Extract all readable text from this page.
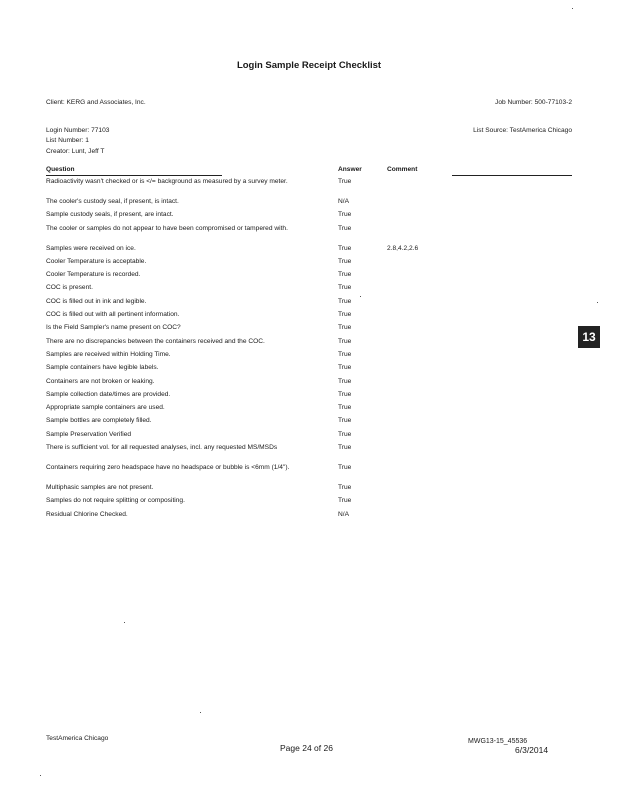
Login Sample Receipt Checklist
Client: KERG and Associates, Inc.	Job Number: 500-77103-2
Login Number: 77103
List Number: 1
Creator: Lunt, Jeff T
List Source: TestAmerica Chicago
Question	Answer	Comment
Radioactivity wasn't checked or is </= background as measured by a survey meter.	True
The cooler's custody seal, if present, is intact.	N/A
Sample custody seals, if present, are intact.	True
The cooler or samples do not appear to have been compromised or tampered with.	True
Samples were received on ice.	True	2.8,4.2,2.6
Cooler Temperature is acceptable.	True
Cooler Temperature is recorded.	True
COC is present.	True
COC is filled out in ink and legible.	True
COC is filled out with all pertinent information.	True
Is the Field Sampler's name present on COC?	True
There are no discrepancies between the containers received and the COC.	True
Samples are received within Holding Time.	True
Sample containers have legible labels.	True
Containers are not broken or leaking.	True
Sample collection date/times are provided.	True
Appropriate sample containers are used.	True
Sample bottles are completely filled.	True
Sample Preservation Verified	True
There is sufficient vol. for all requested analyses, incl. any requested MS/MSDs	True
Containers requiring zero headspace have no headspace or bubble is <6mm (1/4").	True
Multiphasic samples are not present.	True
Samples do not require splitting or compositing.	True
Residual Chlorine Checked.	N/A
13
TestAmerica Chicago
Page 24 of 26
MWG13-15_45536
6/3/2014
